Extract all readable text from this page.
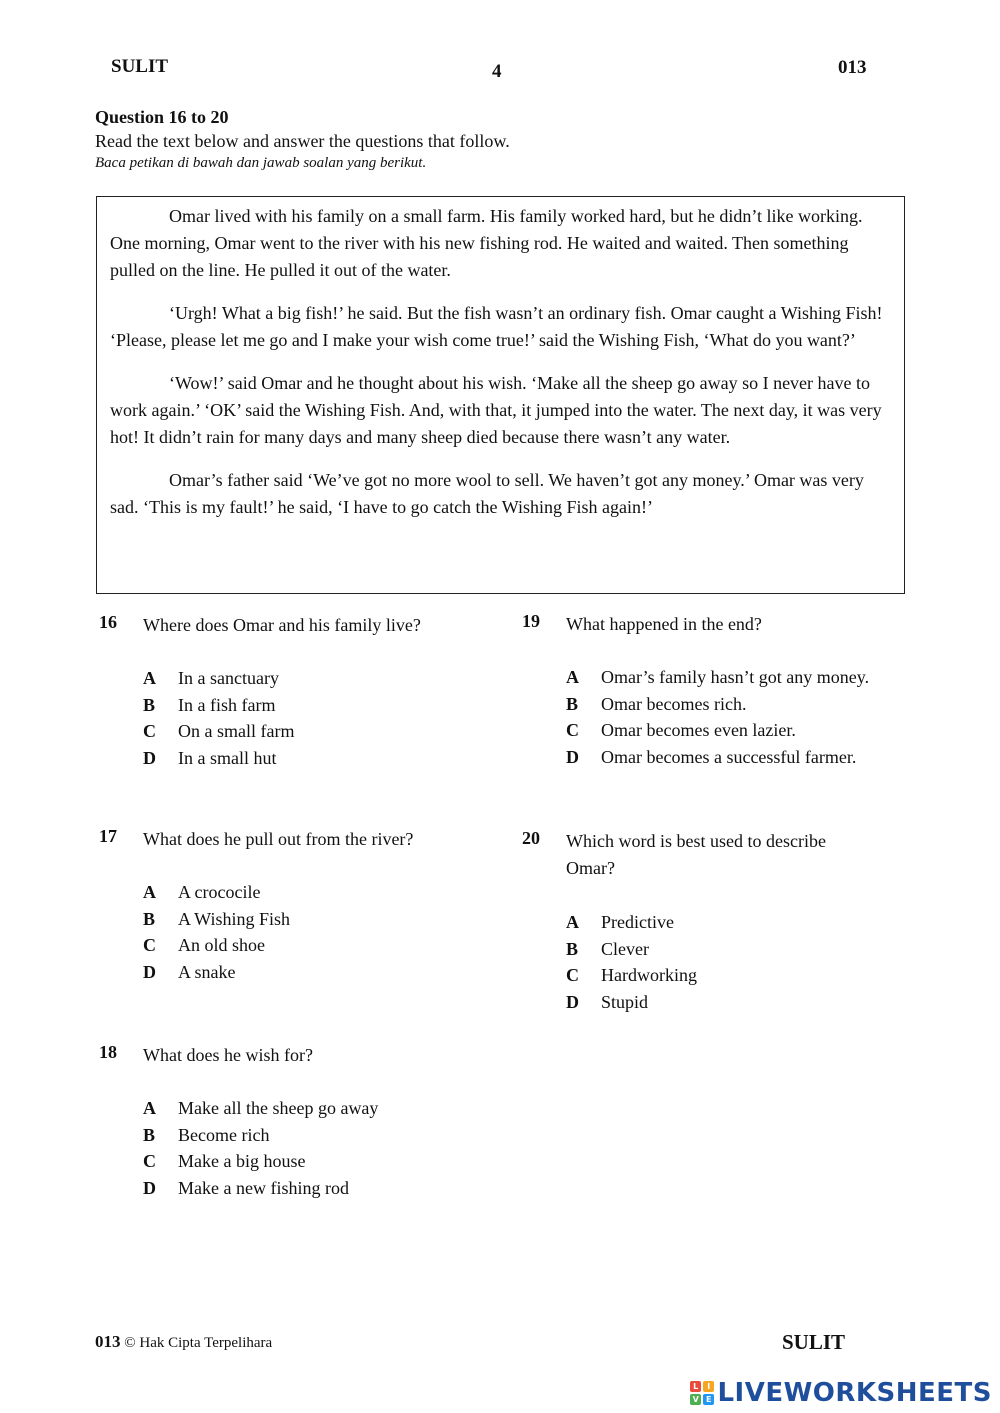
SULIT	4	013
Question 16 to 20
Read the text below and answer the questions that follow.
Baca petikan di bawah dan jawab soalan yang berikut.

Omar lived with his family on a small farm. His family worked hard, but he didn’t like working. One morning, Omar went to the river with his new fishing rod. He waited and waited. Then something pulled on the line. He pulled it out of the water.

‘Urgh! What a big fish!’ he said. But the fish wasn’t an ordinary fish. Omar caught a Wishing Fish! ‘Please, please let me go and I make your wish come true!’ said the Wishing Fish, ‘What do you want?’

‘Wow!’ said Omar and he thought about his wish. ‘Make all the sheep go away so I never have to work again.’ ‘OK’ said the Wishing Fish. And, with that, it jumped into the water. The next day, it was very hot! It didn’t rain for many days and many sheep died because there wasn’t any water.

Omar’s father said ‘We’ve got no more wool to sell. We haven’t got any money.’ Omar was very sad. ‘This is my fault!’ he said, ‘I have to go catch the Wishing Fish again!’

16 Where does Omar and his family live?
A In a sanctuary
B In a fish farm
C On a small farm
D In a small hut
17 What does he pull out from the river?
A A crococile
B A Wishing Fish
C An old shoe
D A snake
18 What does he wish for?
A Make all the sheep go away
B Become rich
C Make a big house
D Make a new fishing rod
19 What happened in the end?
A Omar’s family hasn’t got any money.
B Omar becomes rich.
C Omar becomes even lazier.
D Omar becomes a successful farmer.
20 Which word is best used to describe Omar?
A Predictive
B Clever
C Hardworking
D Stupid
013 © Hak Cipta Terpelihara	SULIT
L	I
V E LIVEWORKSHEETS
